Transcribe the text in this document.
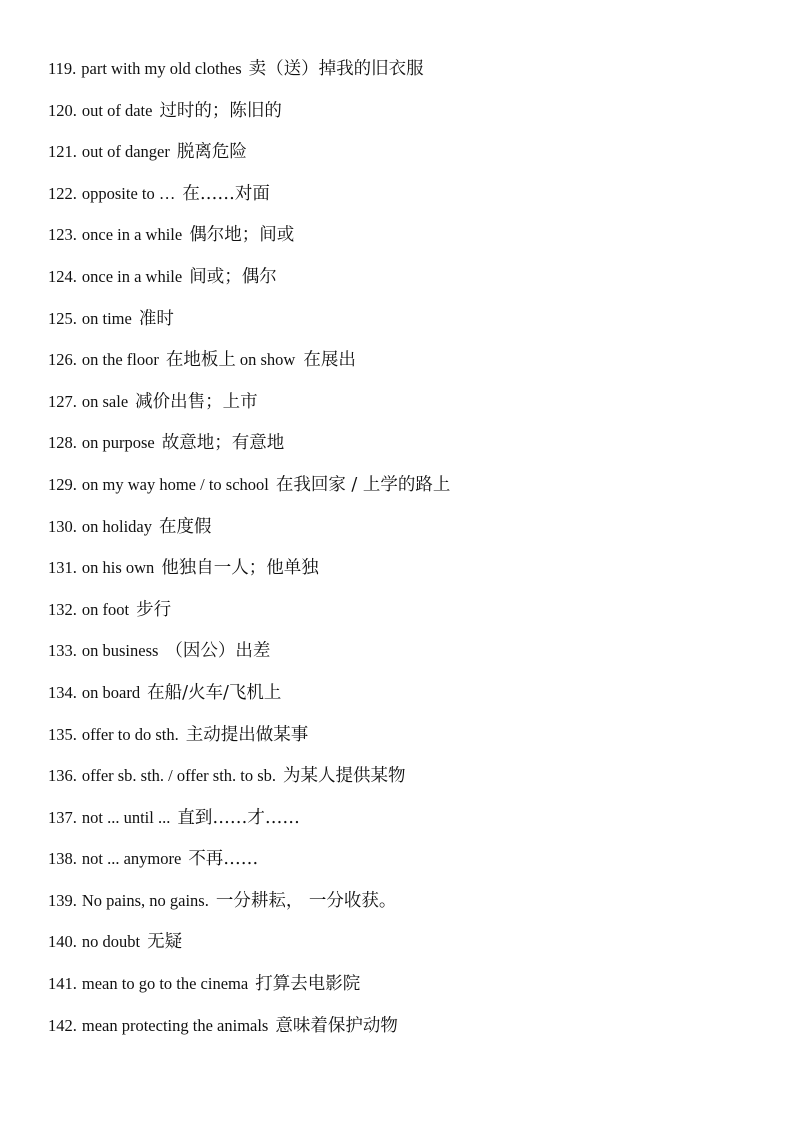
119. part with my old clothes 卖（送）掉我的旧衣服
120. out of date 过时的；陈旧的
121. out of danger 脱离危险
122. opposite to … 在……对面
123. once in a while 偶尔地；间或
124. once in a while 间或；偶尔
125. on time 准时
126. on the floor 在地板上 on show 在展出
127. on sale 减价出售；上市
128. on purpose 故意地；有意地
129. on my way home / to school 在我回家 / 上学的路上
130. on holiday 在度假
131. on his own 他独自一人；他单独
132. on foot 步行
133. on business （因公）出差
134. on board 在船/火车/飞机上
135. offer to do sth. 主动提出做某事
136. offer sb. sth. / offer sth. to sb. 为某人提供某物
137. not ... until ... 直到……才……
138. not ... anymore 不再……
139. No pains, no gains. 一分耕耘， 一分收获。
140. no doubt 无疑
141. mean to go to the cinema 打算去电影院
142. mean protecting the animals 意味着保护动物
